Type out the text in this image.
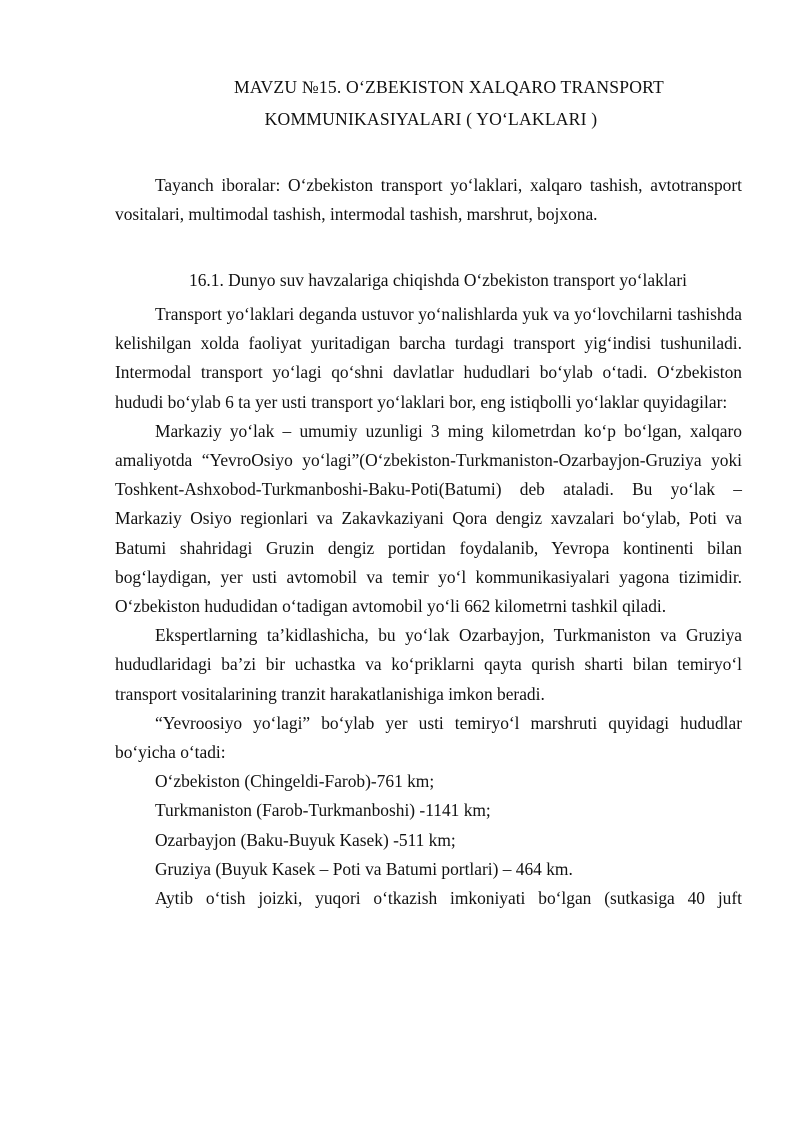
MAVZU №15. O‘ZBEKISTON XALQARO TRANSPORT
KOMMUNIKASIYALARI ( YO‘LAKLARI )

Tayanch iboralar: O‘zbekiston transport yo‘laklari, xalqaro tashish, avtotransport vositalari, multimodal tashish, intermodal tashish, marshrut, bojxona.

16.1. Dunyo suv havzalariga chiqishda O‘zbekiston transport yo‘laklari

Transport yo‘laklari deganda ustuvor yo‘nalishlarda yuk va yo‘lovchilarni tashishda kelishilgan xolda faoliyat yuritadigan barcha turdagi transport yig‘indisi tushuniladi. Intermodal transport yo‘lagi qo‘shni davlatlar hududlari bo‘ylab o‘tadi. O‘zbekiston hududi bo‘ylab 6 ta yer usti transport yo‘laklari bor, eng istiqbolli yo‘laklar quyidagilar:

Markaziy yo‘lak – umumiy uzunligi 3 ming kilometrdan ko‘p bo‘lgan, xalqaro amaliyotda “YevroOsiyo yo‘lagi”(O‘zbekiston-Turkmaniston-Ozarbayjon-Gruziya yoki Toshkent-Ashxobod-Turkmanboshi-Baku-Poti(Batumi) deb ataladi. Bu yo‘lak – Markaziy Osiyo regionlari va Zakavkaziyani Qora dengiz xavzalari bo‘ylab, Poti va Batumi shahridagi Gruzin dengiz portidan foydalanib, Yevropa kontinenti bilan bog‘laydigan, yer usti avtomobil va temir yo‘l kommunikasiyalari yagona tizimidir. O‘zbekiston hududidan o‘tadigan avtomobil yo‘li 662 kilometrni tashkil qiladi.

Ekspertlarning ta’kidlashicha, bu yo‘lak Ozarbayjon, Turkmaniston va Gruziya hududlaridagi ba’zi bir uchastka va ko‘priklarni qayta qurish sharti bilan temiryo‘l transport vositalarining tranzit harakatlanishiga imkon beradi.

“Yevroosiyo yo‘lagi” bo‘ylab yer usti temiryo‘l marshruti quyidagi hududlar bo‘yicha o‘tadi:

O‘zbekiston (Chingeldi-Farob)-761 km;

Turkmaniston (Farob-Turkmanboshi) -1141 km;

Ozarbayjon (Baku-Buyuk Kasek) -511 km;

Gruziya (Buyuk Kasek – Poti va Batumi portlari) – 464 km.

Aytib o‘tish joizki, yuqori o‘tkazish imkoniyati bo‘lgan (sutkasiga 40 juft
